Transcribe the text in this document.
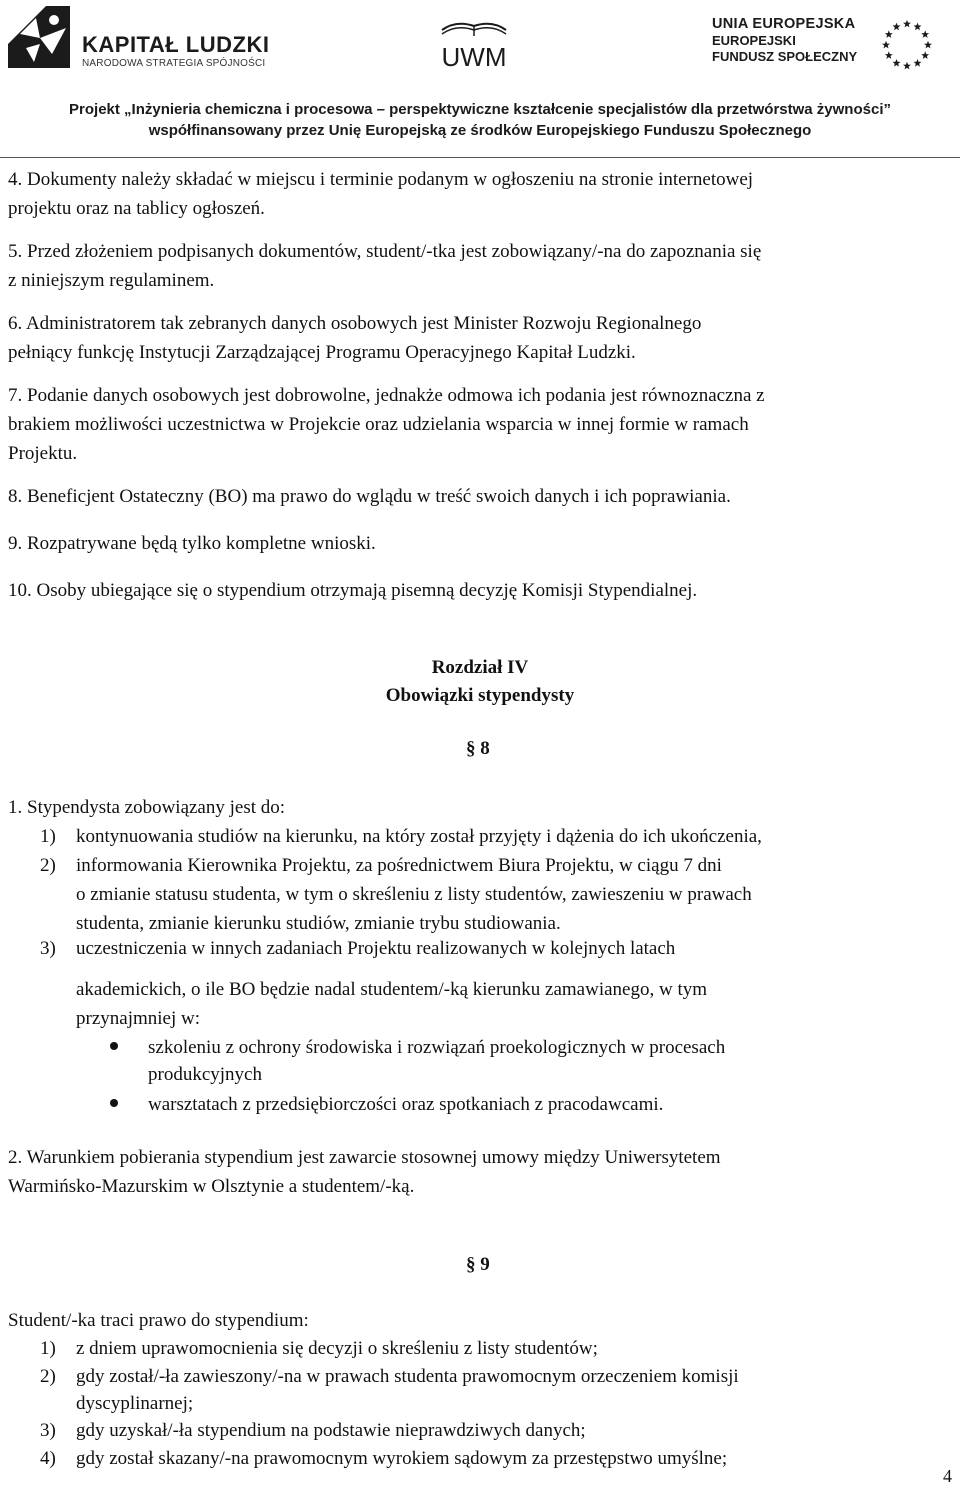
KAPITAŁ LUDZKI
NARODOWA STRATEGIA SPÓJNOŚCI	UWM
UNIA EUROPEJSKA
EUROPEJSKI
FUNDUSZ SPOŁECZNY
Projekt „Inżynieria chemiczna i procesowa – perspektywiczne kształcenie specjalistów dla przetwórstwa żywności”
współfinansowany przez Unię Europejską ze środków Europejskiego Funduszu Społecznego
4. Dokumenty należy składać w miejscu i terminie podanym w ogłoszeniu na stronie internetowej
projektu oraz na tablicy ogłoszeń.
5. Przed złożeniem podpisanych dokumentów, student/-tka jest zobowiązany/-na do zapoznania się
z niniejszym regulaminem.
6. Administratorem tak zebranych danych osobowych jest Minister Rozwoju Regionalnego
pełniący funkcję Instytucji Zarządzającej Programu Operacyjnego Kapitał Ludzki.
7. Podanie danych osobowych jest dobrowolne, jednakże odmowa ich podania jest równoznaczna z
brakiem możliwości uczestnictwa w Projekcie oraz udzielania wsparcia w innej formie w ramach
Projektu.
8. Beneficjent Ostateczny (BO) ma prawo do wglądu w treść swoich danych i ich poprawiania.
9. Rozpatrywane będą tylko kompletne wnioski.
10. Osoby ubiegające się o stypendium otrzymają pisemną decyzję Komisji Stypendialnej.
Rozdział IV
Obowiązki stypendysty
§ 8
1. Stypendysta zobowiązany jest do:
1) kontynuowania studiów na kierunku, na który został przyjęty i dążenia do ich ukończenia,
2) informowania Kierownika Projektu, za pośrednictwem Biura Projektu, w ciągu 7 dni
o zmianie statusu studenta, w tym o skreśleniu z listy studentów, zawieszeniu w prawach
studenta, zmianie kierunku studiów, zmianie trybu studiowania.
3) uczestniczenia w innych zadaniach Projektu realizowanych w kolejnych latach
akademickich, o ile BO będzie nadal studentem/-ką kierunku zamawianego, w tym
przynajmniej w:
szkoleniu z ochrony środowiska i rozwiązań proekologicznych w procesach
produkcyjnych
warsztatach z przedsiębiorczości oraz spotkaniach z pracodawcami.
2. Warunkiem pobierania stypendium jest zawarcie stosownej umowy między Uniwersytetem
Warmińsko-Mazurskim w Olsztynie a studentem/-ką.
§ 9
Student/-ka traci prawo do stypendium:
1) z dniem uprawomocnienia się decyzji o skreśleniu z listy studentów;
2) gdy został/-ła zawieszony/-na w prawach studenta prawomocnym orzeczeniem komisji
dyscyplinarnej;
3) gdy uzyskał/-ła stypendium na podstawie nieprawdziwych danych;
4) gdy został skazany/-na prawomocnym wyrokiem sądowym za przestępstwo umyślne;
4
